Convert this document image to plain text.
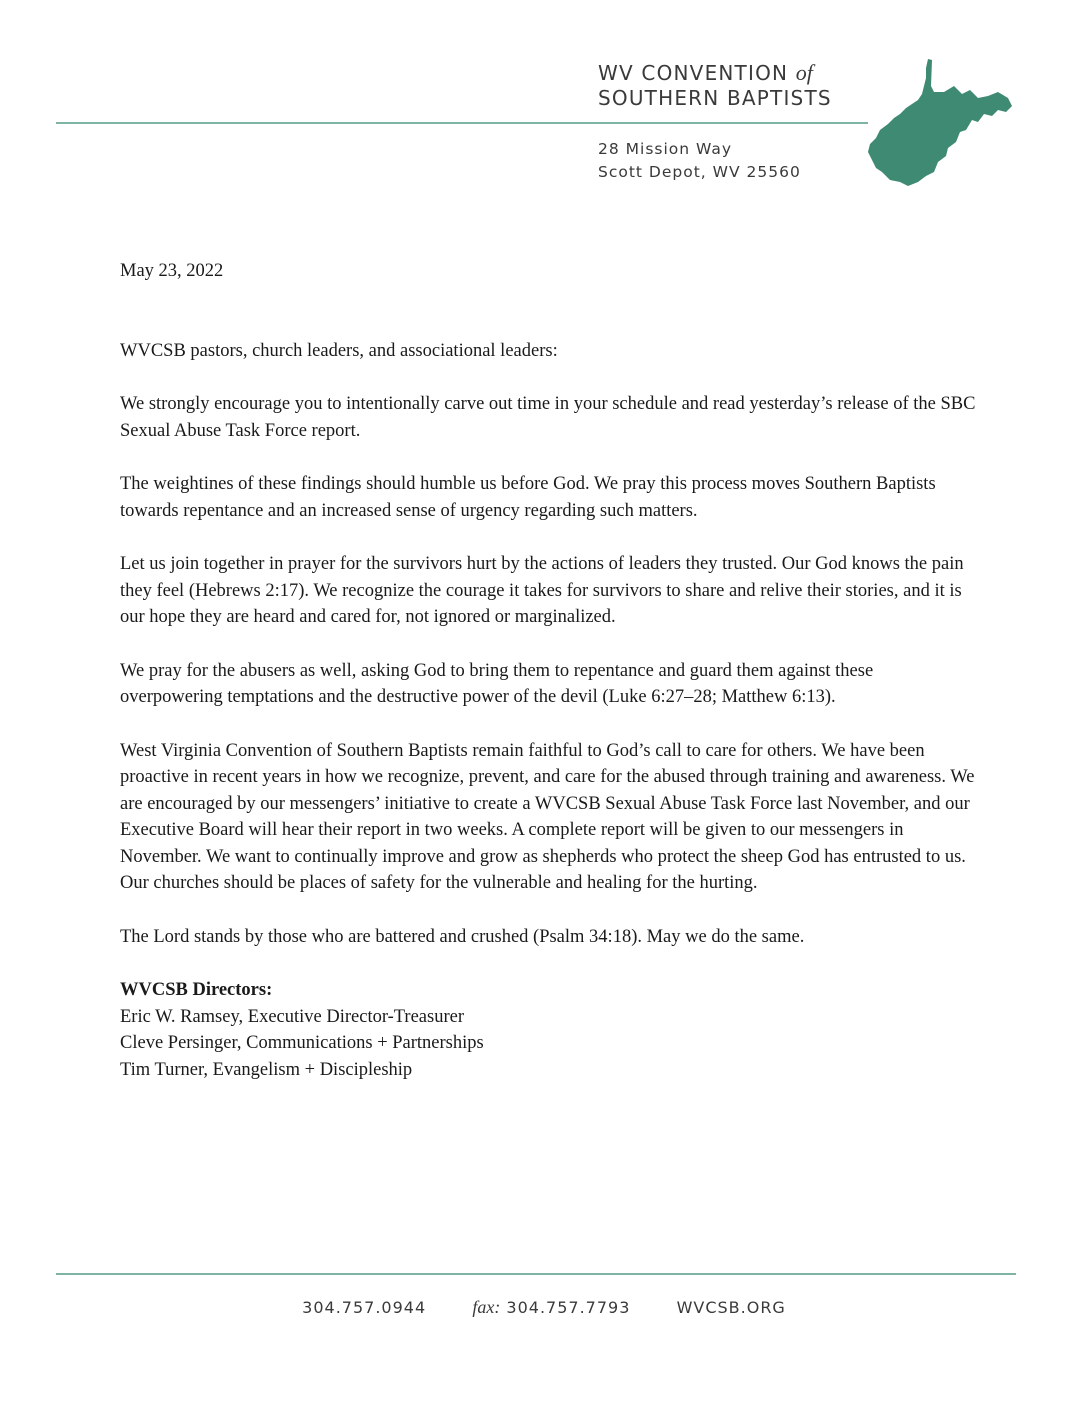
WV CONVENTION of
SOUTHERN BAPTISTS
28 Mission Way
Scott Depot, WV 25560

May 23, 2022

WVCSB pastors, church leaders, and associational leaders:

We strongly encourage you to intentionally carve out time in your schedule and read yesterday’s release of the SBC Sexual Abuse Task Force report.

The weightines of these findings should humble us before God. We pray this process moves Southern Baptists towards repentance and an increased sense of urgency regarding such matters.

Let us join together in prayer for the survivors hurt by the actions of leaders they trusted. Our God knows the pain they feel (Hebrews 2:17). We recognize the courage it takes for survivors to share and relive their stories, and it is our hope they are heard and cared for, not ignored or marginalized.

We pray for the abusers as well, asking God to bring them to repentance and guard them against these overpowering temptations and the destructive power of the devil (Luke 6:27–28; Matthew 6:13).

West Virginia Convention of Southern Baptists remain faithful to God’s call to care for others. We have been proactive in recent years in how we recognize, prevent, and care for the abused through training and awareness. We are encouraged by our messengers’ initiative to create a WVCSB Sexual Abuse Task Force last November, and our Executive Board will hear their report in two weeks. A complete report will be given to our messengers in November. We want to continually improve and grow as shepherds who protect the sheep God has entrusted to us. Our churches should be places of safety for the vulnerable and healing for the hurting.

The Lord stands by those who are battered and crushed (Psalm 34:18). May we do the same.

WVCSB Directors:

Eric W. Ramsey, Executive Director-Treasurer

Cleve Persinger, Communications + Partnerships

Tim Turner, Evangelism + Discipleship

304.757.0944	fax: 304.757.7793	WVCSB.ORG
